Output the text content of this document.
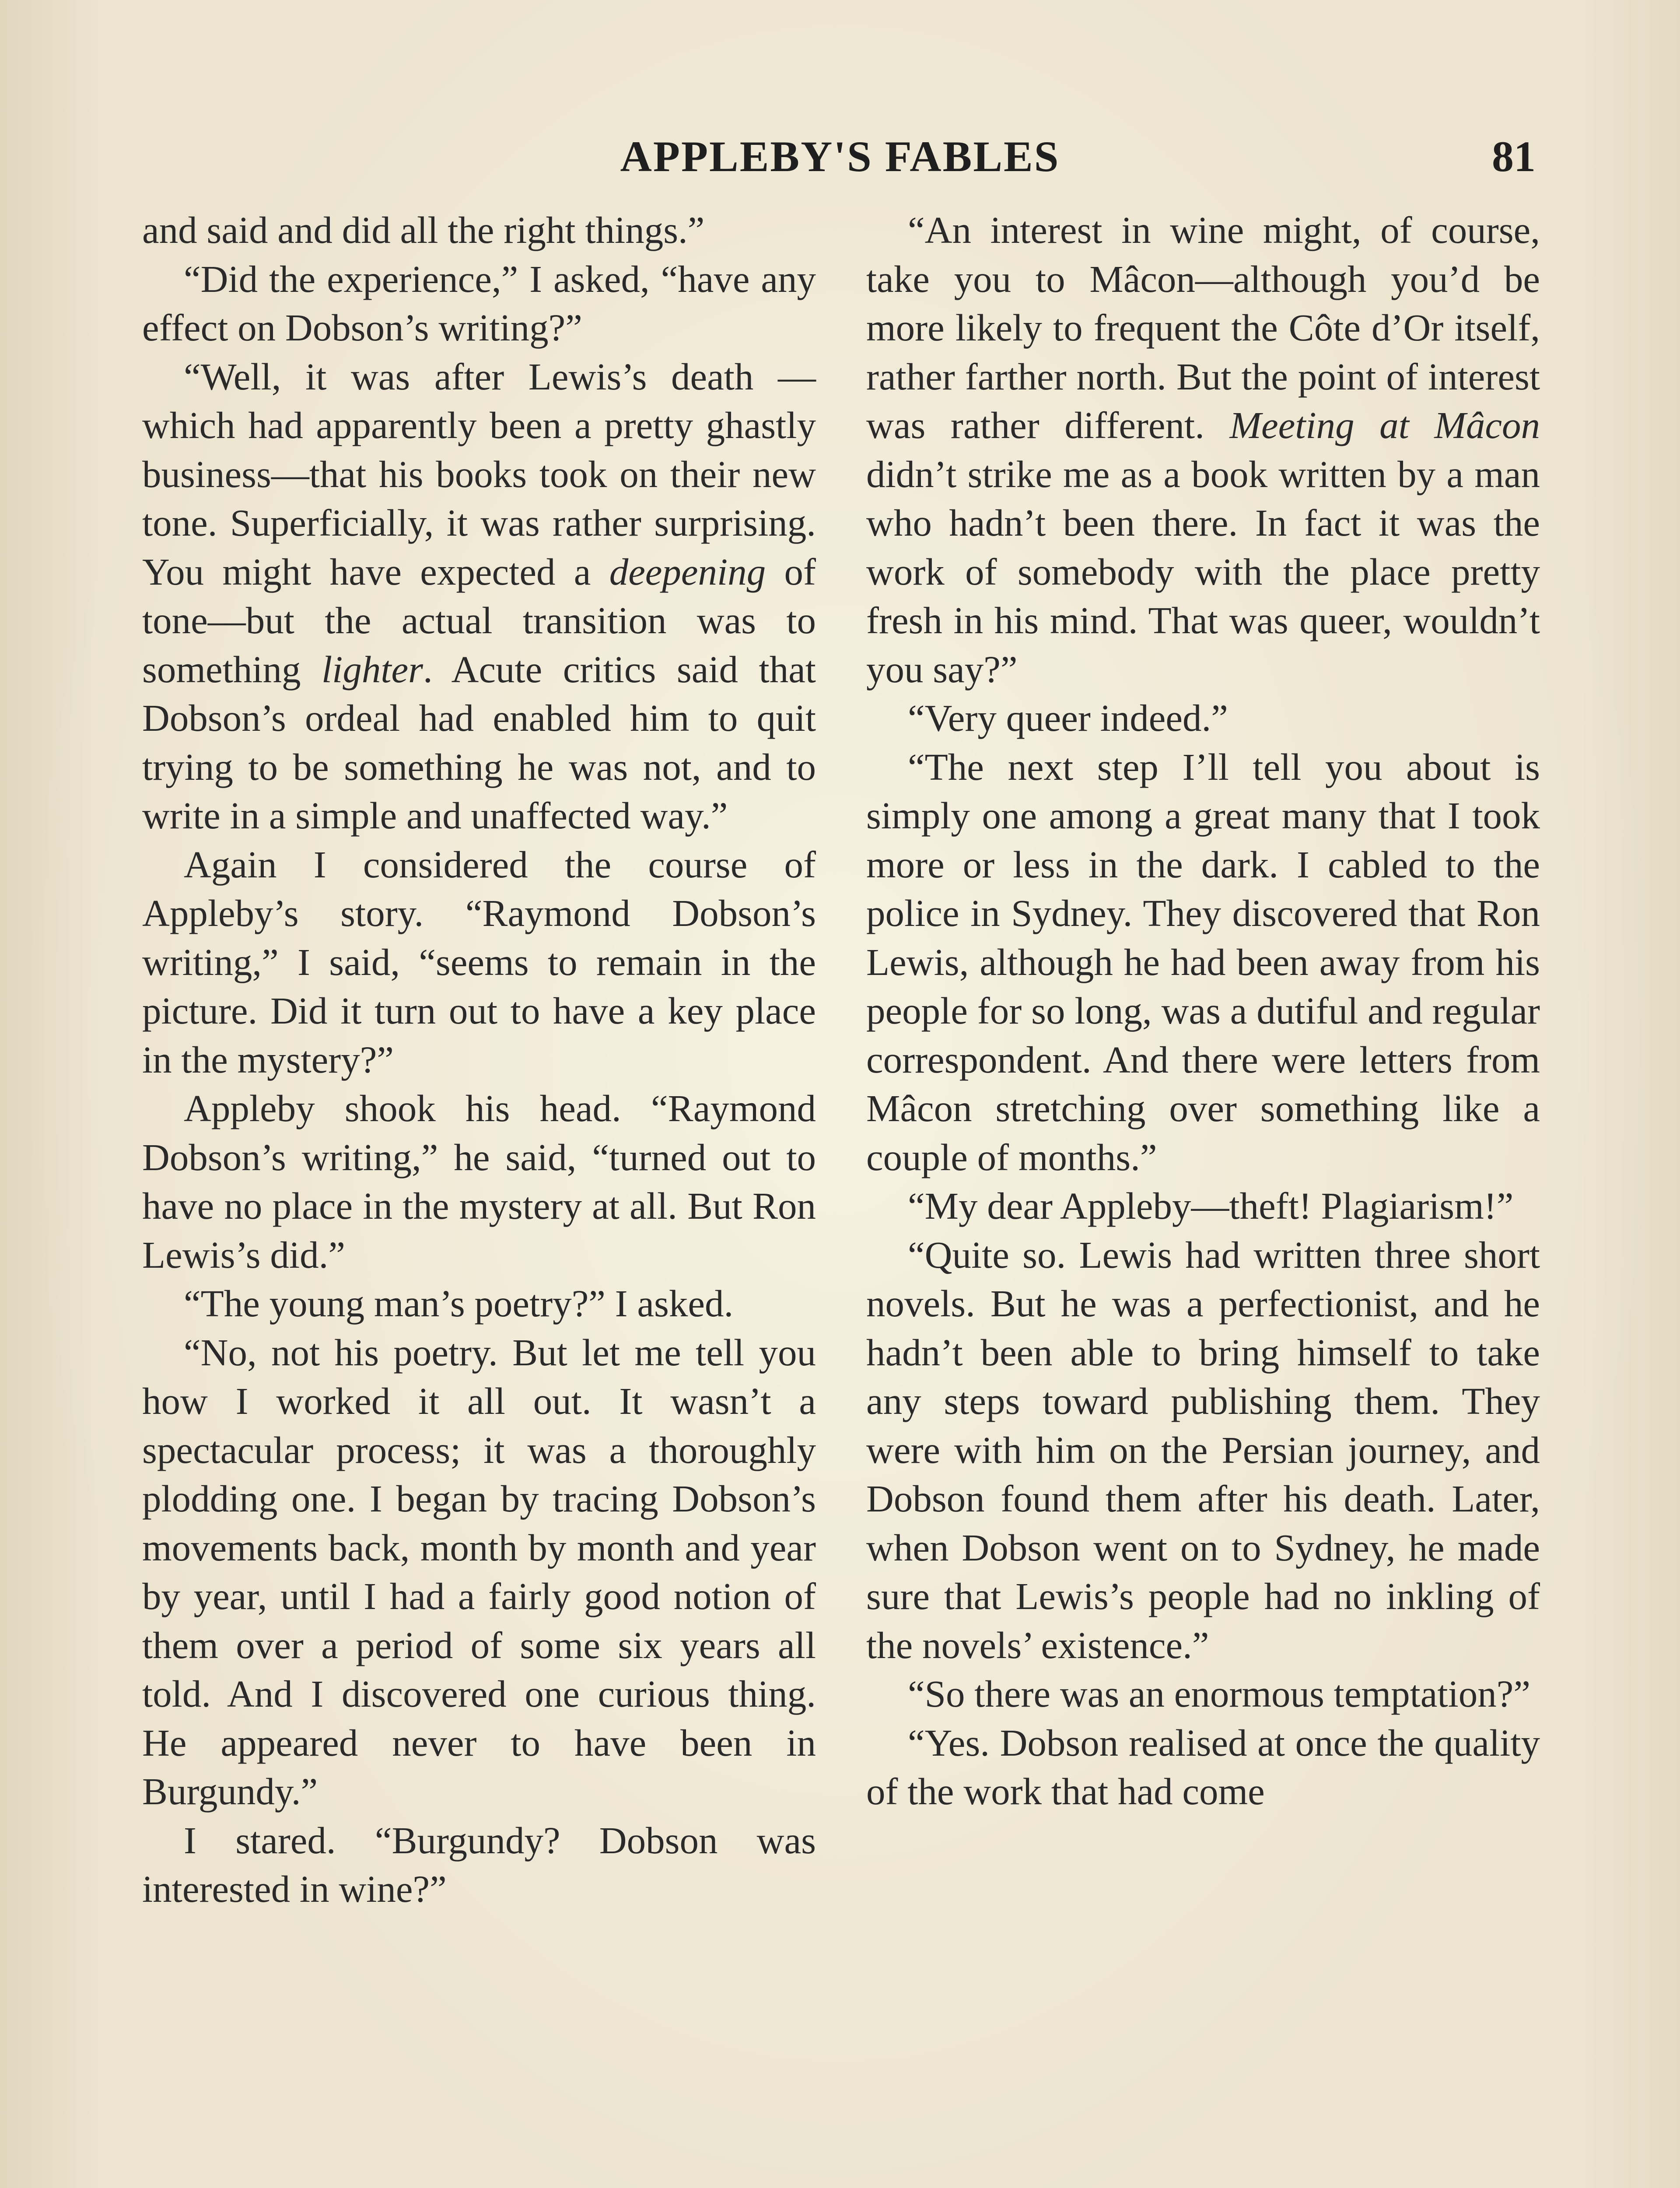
APPLEBY'S FABLES	81

and said and did all the right things.”

“Did the experience,” I asked, “have any effect on Dobson’s writing?”

“Well, it was after Lewis’s death —which had apparently been a pretty ghastly business—that his books took on their new tone. Superficially, it was rather surprising. You might have expected a deepening of tone—but the actual transition was to something lighter. Acute critics said that Dobson’s ordeal had enabled him to quit trying to be something he was not, and to write in a simple and unaffected way.”

Again I considered the course of Appleby’s story. “Raymond Dobson’s writing,” I said, “seems to remain in the picture. Did it turn out to have a key place in the mystery?”

Appleby shook his head. “Raymond Dobson’s writing,” he said, “turned out to have no place in the mystery at all. But Ron Lewis’s did.”

“The young man’s poetry?” I asked.

“No, not his poetry. But let me tell you how I worked it all out. It wasn’t a spectacular process; it was a thoroughly plodding one. I began by tracing Dobson’s movements back, month by month and year by year, until I had a fairly good notion of them over a period of some six years all told. And I discovered one curious thing. He appeared never to have been in Burgundy.”

I stared. “Burgundy? Dobson was interested in wine?”

“An interest in wine might, of course, take you to Mâcon—although you’d be more likely to frequent the Côte d’Or itself, rather farther north. But the point of interest was rather different. Meeting at Mâcon didn’t strike me as a book written by a man who hadn’t been there. In fact it was the work of somebody with the place pretty fresh in his mind. That was queer, wouldn’t you say?”

“Very queer indeed.”

“The next step I’ll tell you about is simply one among a great many that I took more or less in the dark. I cabled to the police in Sydney. They discovered that Ron Lewis, although he had been away from his people for so long, was a dutiful and regular correspondent. And there were letters from Mâcon stretching over something like a couple of months.”

“My dear Appleby—theft! Plagiarism!”

“Quite so. Lewis had written three short novels. But he was a perfectionist, and he hadn’t been able to bring himself to take any steps toward publishing them. They were with him on the Persian journey, and Dobson found them after his death. Later, when Dobson went on to Sydney, he made sure that Lewis’s people had no inkling of the novels’ existence.”

“So there was an enormous temptation?”

“Yes. Dobson realised at once the quality of the work that had come
